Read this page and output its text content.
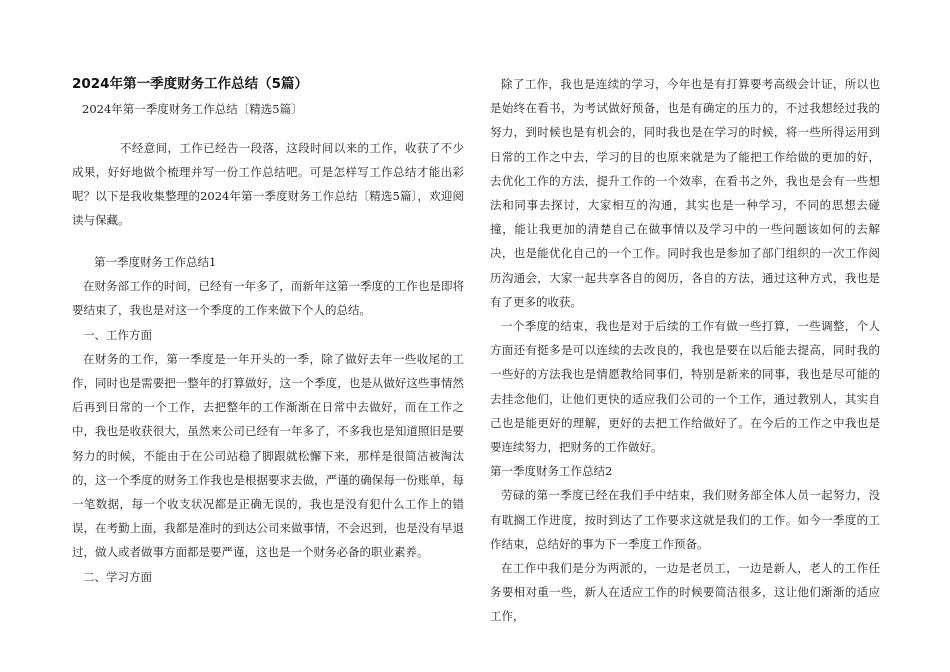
2024年第一季度财务工作总结（5篇）
2024年第一季度财务工作总结〔精选5篇〕

不经意间，工作已经告一段落，这段时间以来的工作，收获了不少成果，好好地做个梳理并写一份工作总结吧。可是怎样写工作总结才能出彩呢？以下是我收集整理的2024年第一季度财务工作总结〔精选5篇〕，欢迎阅读与保藏。

第一季度财务工作总结1

在财务部工作的时间，已经有一年多了，而新年这第一季度的工作也是即将要结束了，我也是对这一个季度的工作来做下个人的总结。

一、工作方面

在财务的工作，第一季度是一年开头的一季，除了做好去年一些收尾的工作，同时也是需要把一整年的打算做好，这一个季度，也是从做好这些事情然后再到日常的一个工作，去把整年的工作渐渐在日常中去做好，而在工作之中，我也是收获很大，虽然来公司已经有一年多了，不多我也是知道照旧是要努力的时候，不能由于在公司站稳了脚跟就松懈下来，那样是很简洁被淘汰的，这一个季度的财务工作我也是根据要求去做，严谨的确保每一份账单，每一笔数据，每一个收支状况都是正确无误的，我也是没有犯什么工作上的错误，在考勤上面，我都是准时的到达公司来做事情，不会迟到，也是没有早退过，做人或者做事方面都是要严谨，这也是一个财务必备的职业素养。

二、学习方面

除了工作，我也是连续的学习，今年也是有打算要考高级会计证，所以也是始终在看书，为考试做好预备，也是有确定的压力的，不过我想经过我的努力，到时候也是有机会的，同时我也是在学习的时候，将一些所得运用到日常的工作之中去，学习的目的也原来就是为了能把工作给做的更加的好，去优化工作的方法，提升工作的一个效率，在看书之外，我也是会有一些想法和同事去探讨，大家相互的沟通，其实也是一种学习，不同的思想去碰撞，能让我更加的清楚自己在做事情以及学习中的一些问题该如何的去解决，也是能优化自己的一个工作。同时我也是参加了部门组织的一次工作阅历沟通会，大家一起共享各自的阅历，各自的方法，通过这种方式，我也是有了更多的收获。

一个季度的结束，我也是对于后续的工作有做一些打算，一些调整，个人方面还有挺多是可以连续的去改良的，我也是要在以后能去提高，同时我的一些好的方法我也是情愿教给同事们，特别是新来的同事，我也是尽可能的去挂念他们，让他们更快的适应我们公司的一个工作，通过教别人，其实自己也是能更好的理解，更好的去把工作给做好了。在今后的工作之中我也是要连续努力，把财务的工作做好。

第一季度财务工作总结2

劳碌的第一季度已经在我们手中结束，我们财务部全体人员一起努力，没有耽搁工作进度，按时到达了工作要求这就是我们的工作。如今一季度的工作结束，总结好的事为下一季度工作预备。

在工作中我们是分为两派的，一边是老员工，一边是新人，老人的工作任务要相对重一些，新人在适应工作的时候要简洁很多，这让他们渐渐的适应工作，
